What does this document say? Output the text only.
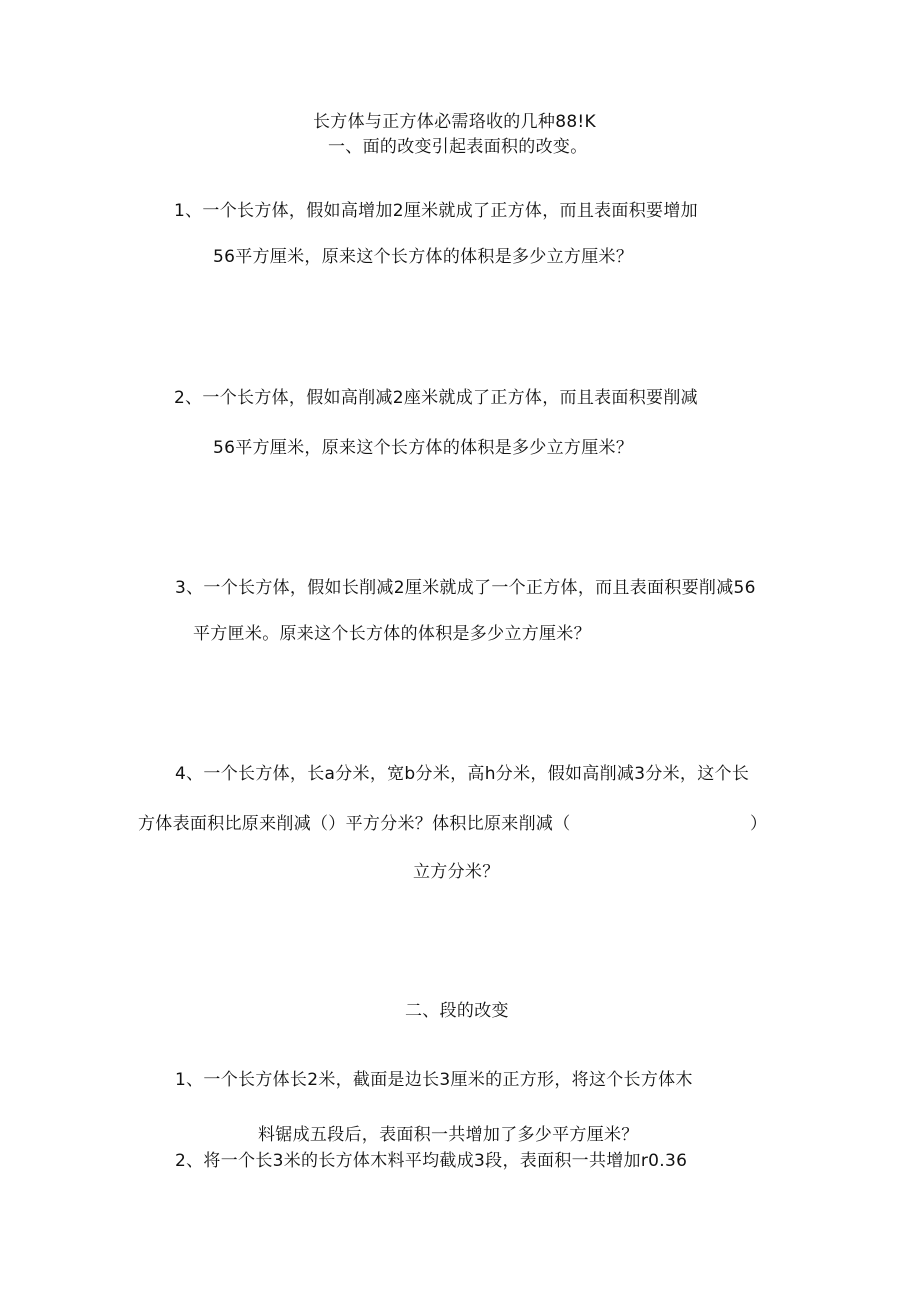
长方体与正方体必需珞收的几种88!K
一、面的改变引起表面积的改变。
1、一个长方体，假如高增加2厘米就成了正方体，而且表面积要增加
56平方厘米，原来这个长方体的体积是多少立方厘米？
2、一个长方体，假如高削减2座米就成了正方体，而且表面积要削减
56平方厘米，原来这个长方体的体积是多少立方厘米？
3、一个长方体，假如长削减2厘米就成了一个正方体，而且表面积要削减56
平方匣米。原来这个长方体的体积是多少立方厘米？
4、一个长方体，长a分米，宽b分米，高h分米，假如高削减3分米，这个长
方体表面积比原来削减（）平方分米？体积比原来削减（	）
立方分米？
二、段的改变
1、一个长方体长2米，截面是边长3厘米的正方形，将这个长方体木
料锯成五段后，表面积一共增加了多少平方厘米？
2、将一个长3米的长方体木料平均截成3段，表面积一共增加r0.36
